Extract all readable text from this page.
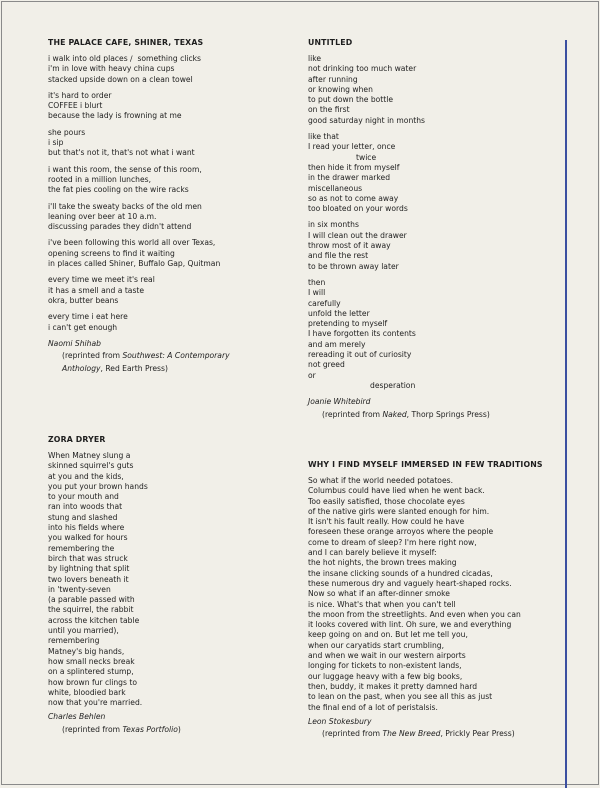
THE PALACE CAFE, SHINER, TEXAS
i walk into old places ∕  something clicks
i'm in love with heavy china cups
stacked upside down on a clean towel
it's hard to order
COFFEE i blurt
because the lady is frowning at me
she pours
i sip
but that's not it, that's not what i want
i want this room, the sense of this room,
rooted in a million lunches,
the fat pies cooling on the wire racks
i'll take the sweaty backs of the old men
leaning over beer at 10 a.m.
discussing parades they didn't attend
i've been following this world all over Texas,
opening screens to find it waiting
in places called Shiner, Buffalo Gap, Quitman
every time we meet it's real
it has a smell and a taste
okra, butter beans
every time i eat here
i can't get enough
Naomi Shihab
(reprinted from Southwest: A Contemporary
Anthology, Red Earth Press)
ZORA DRYER
When Matney slung a
skinned squirrel's guts
at you and the kids,
you put your brown hands
to your mouth and
ran into woods that
stung and slashed
into his fields where
you walked for hours
remembering the
birch that was struck
by lightning that split
two lovers beneath it
in 'twenty-seven
(a parable passed with
the squirrel, the rabbit
across the kitchen table
until you married),
remembering
Matney's big hands,
how small necks break
on a splintered stump,
how brown fur clings to
white, bloodied bark
now that you're married.
Charles Behlen
(reprinted from Texas Portfolio)
UNTITLED
like
not drinking too much water
after running
or knowing when
to put down the bottle
on the first
good saturday night in months
like that
I read your letter, once
twice
then hide it from myself
in the drawer marked
miscellaneous
so as not to come away
too bloated on your words
in six months
I will clean out the drawer
throw most of it away
and file the rest
to be thrown away later
then
I will
carefully
unfold the letter
pretending to myself
I have forgotten its contents
and am merely
rereading it out of curiosity
not greed
or
desperation
Joanie Whitebird
(reprinted from Naked, Thorp Springs Press)
WHY I FIND MYSELF IMMERSED IN FEW TRADITIONS
So what if the world needed potatoes.
Columbus could have lied when he went back.
Too easily satisfied, those chocolate eyes
of the native girls were slanted enough for him.
It isn't his fault really. How could he have
foreseen these orange arroyos where the people
come to dream of sleep? I'm here right now,
and I can barely believe it myself:
the hot nights, the brown trees making
the insane clicking sounds of a hundred cicadas,
these numerous dry and vaguely heart-shaped rocks.
Now so what if an after-dinner smoke
is nice. What's that when you can't tell
the moon from the streetlights. And even when you can
it looks covered with lint. Oh sure, we and everything
keep going on and on. But let me tell you,
when our caryatids start crumbling,
and when we wait in our western airports
longing for tickets to non-existent lands,
our luggage heavy with a few big books,
then, buddy, it makes it pretty damned hard
to lean on the past, when you see all this as just
the final end of a lot of peristalsis.
Leon Stokesbury
(reprinted from The New Breed, Prickly Pear Press)
